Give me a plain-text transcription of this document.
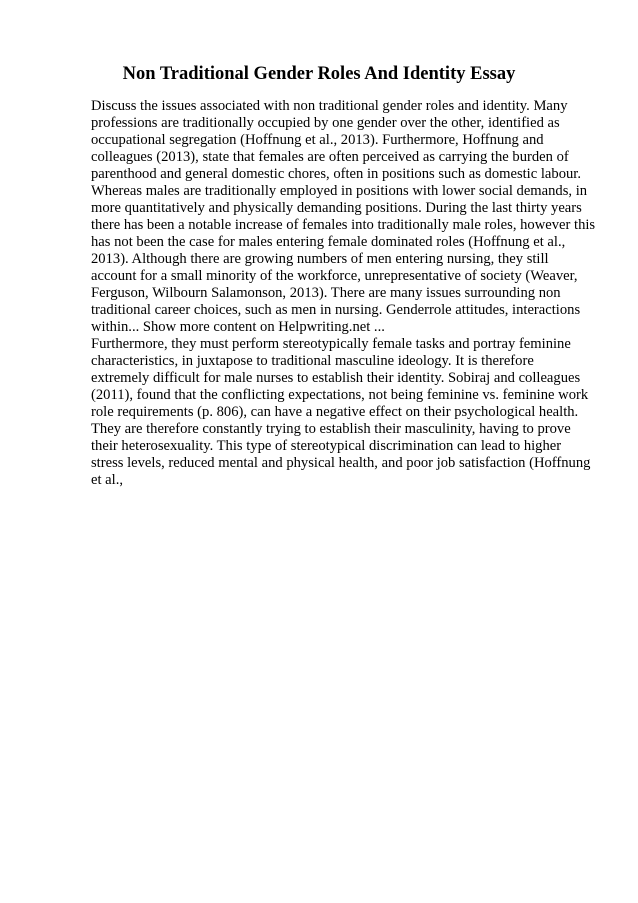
Non Traditional Gender Roles And Identity Essay
Discuss the issues associated with non traditional gender roles and identity. Many
professions are traditionally occupied by one gender over the other, identified as
occupational segregation (Hoffnung et al., 2013). Furthermore, Hoffnung and
colleagues (2013), state that females are often perceived as carrying the burden of
parenthood and general domestic chores, often in positions such as domestic labour.
Whereas males are traditionally employed in positions with lower social demands, in
more quantitatively and physically demanding positions. During the last thirty years
there has been a notable increase of females into traditionally male roles, however this
has not been the case for males entering female dominated roles (Hoffnung et al.,
2013). Although there are growing numbers of men entering nursing, they still
account for a small minority of the workforce, unrepresentative of society (Weaver,
Ferguson, Wilbourn Salamonson, 2013). There are many issues surrounding non
traditional career choices, such as men in nursing. Genderrole attitudes, interactions
within... Show more content on Helpwriting.net ...
Furthermore, they must perform stereotypically female tasks and portray feminine
characteristics, in juxtapose to traditional masculine ideology. It is therefore
extremely difficult for male nurses to establish their identity. Sobiraj and colleagues
(2011), found that the conflicting expectations, not being feminine vs. feminine work
role requirements (p. 806), can have a negative effect on their psychological health.
They are therefore constantly trying to establish their masculinity, having to prove
their heterosexuality. This type of stereotypical discrimination can lead to higher
stress levels, reduced mental and physical health, and poor job satisfaction (Hoffnung
et al.,
